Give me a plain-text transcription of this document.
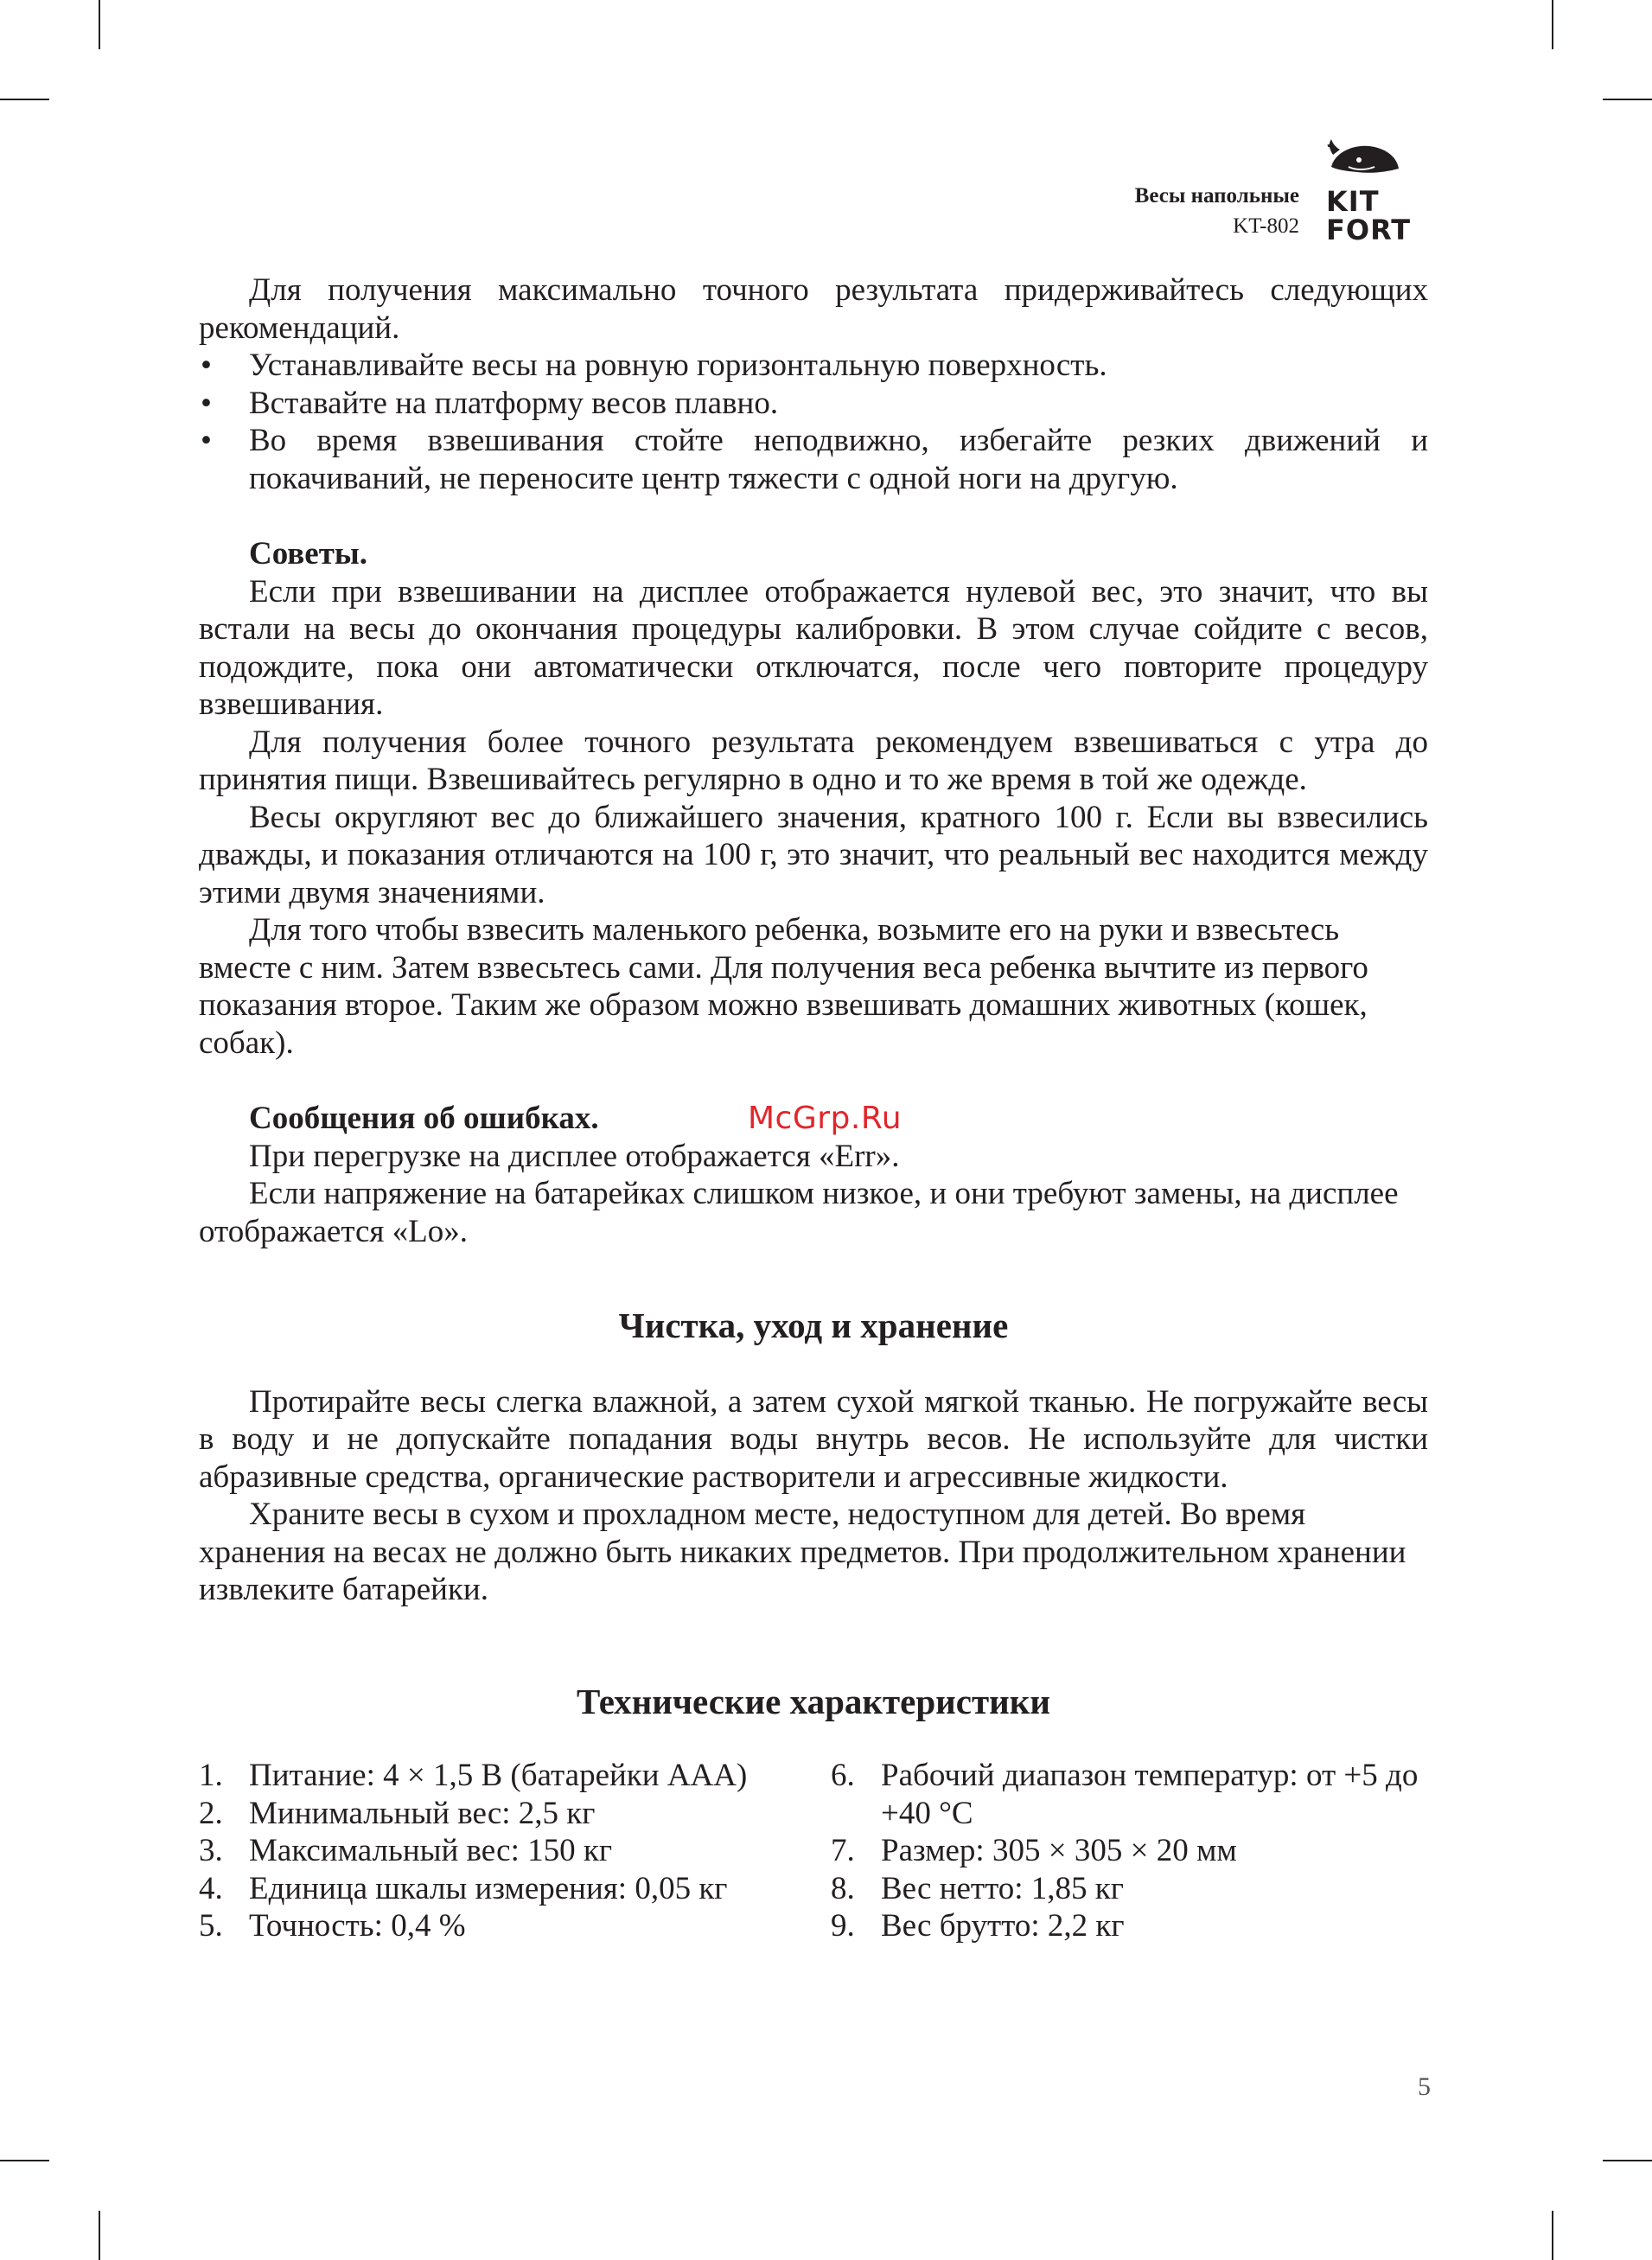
Весы напольные
KT-802
KIT
FORT

Для получения максимально точного результата придерживайтесь следующих рекомендаций.

• Устанавливайте весы на ровную горизонтальную поверхность.
• Вставайте на платформу весов плавно.
• Во время взвешивания стойте неподвижно, избегайте резких движений и покачиваний, не переносите центр тяжести с одной ноги на другую.

Советы.

Если при взвешивании на дисплее отображается нулевой вес, это значит, что вы встали на весы до окончания процедуры калибровки. В этом случае сойдите с весов, подождите, пока они автоматически отключатся, после чего повторите процедуру взвешивания.

Для получения более точного результата рекомендуем взвешиваться с утра до принятия пищи. Взвешивайтесь регулярно в одно и то же время в той же одежде.

Весы округляют вес до ближайшего значения, кратного 100 г. Если вы взвесились дважды, и показания отличаются на 100 г, это значит, что реальный вес находится между этими двумя значениями.

Для того чтобы взвесить маленького ребенка, возьмите его на руки и взвесьтесь вместе с ним. Затем взвесьтесь сами. Для получения веса ребенка вычтите из первого показания второе. Таким же образом можно взвешивать домашних животных (кошек, собак).

Сообщения об ошибках.	McGrp.Ru

При перегрузке на дисплее отображается «Err».

Если напряжение на батарейках слишком низкое, и они требуют замены, на дисплее отображается «Lo».

Чистка, уход и хранение

Протирайте весы слегка влажной, а затем сухой мягкой тканью. Не погружайте весы в воду и не допускайте попадания воды внутрь весов. Не используйте для чистки абразивные средства, органические растворители и агрессивные жидкости.

Храните весы в сухом и прохладном месте, недоступном для детей. Во время хранения на весах не должно быть никаких предметов. При продолжительном хранении извлеките батарейки.

Технические характеристики
1. Питание: 4 × 1,5 В (батарейки AAA)
2. Минимальный вес: 2,5 кг
3. Максимальный вес: 150 кг
4. Единица шкалы измерения: 0,05 кг
5. Точность: 0,4 %
6. Рабочий диапазон температур: от +5 до +40 °C
7. Размер: 305 × 305 × 20 мм
8. Вес нетто: 1,85 кг
9. Вес брутто: 2,2 кг
5
